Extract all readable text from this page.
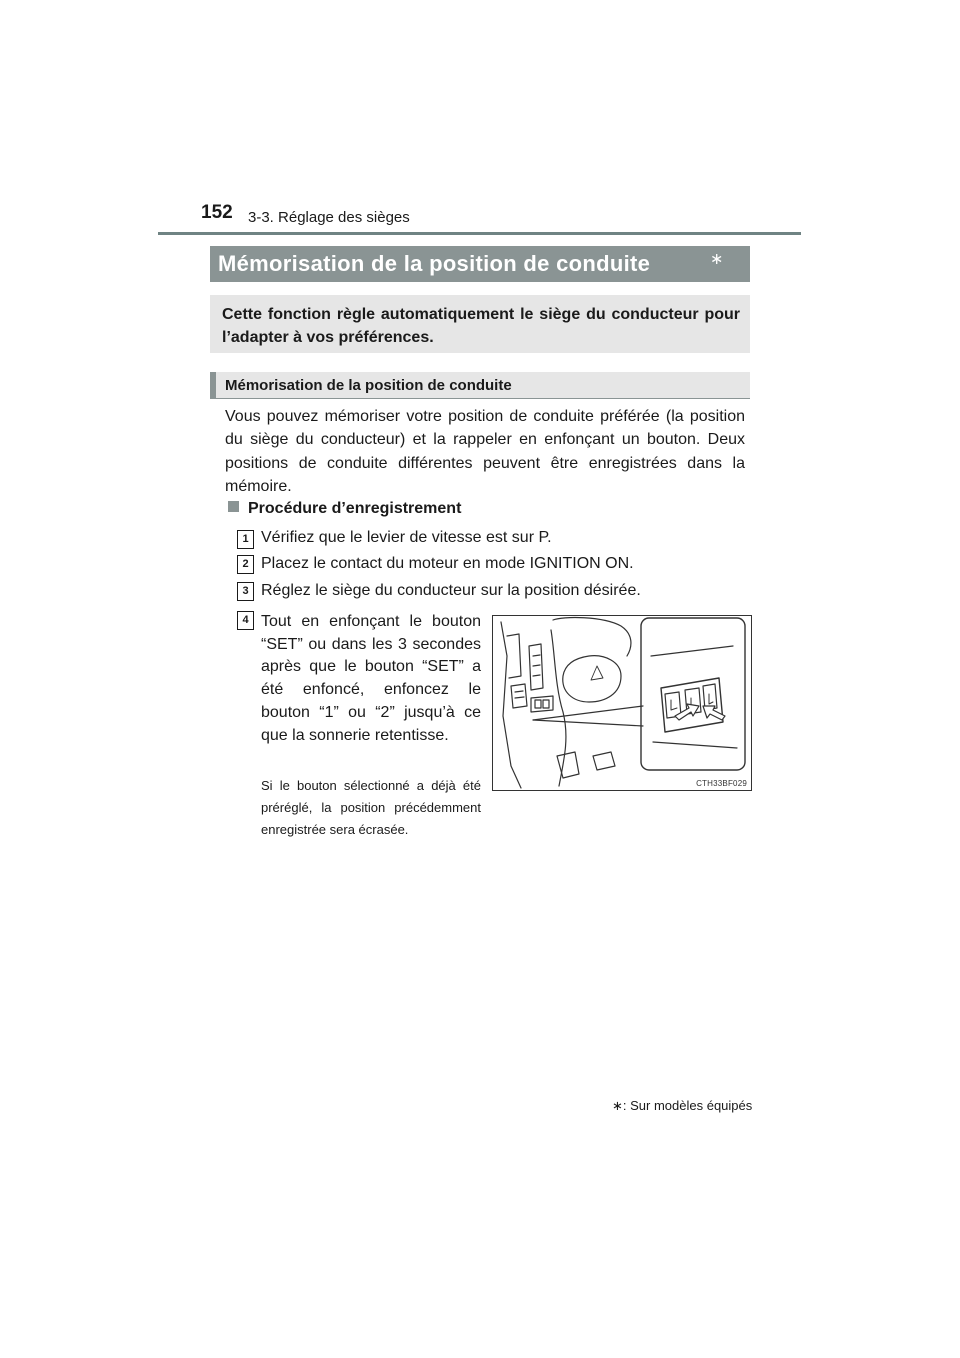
152 3-3. Réglage des sièges
Mémorisation de la position de conduite	∗

Cette fonction règle automatiquement le siège du conducteur pour l’adapter à vos préférences.

Mémorisation de la position de conduite

Vous pouvez mémoriser votre position de conduite préférée (la position du siège du conducteur) et la rappeler en enfonçant un bouton. Deux positions de conduite différentes peuvent être enregistrées dans la mémoire.

Procédure d’enregistrement
1 Vérifiez que le levier de vitesse est sur P.
2 Placez le contact du moteur en mode IGNITION ON.
3 Réglez le siège du conducteur sur la position désirée.
4 Tout en enfonçant le bouton “SET” ou dans les 3 secondes après que le bouton “SET” a été enfoncé, enfoncez le bouton “1” ou “2” jusqu’à ce que la sonnerie retentisse.

Si le bouton sélectionné a déjà été préréglé, la position précédemment enregistrée sera écrasée.

CTH33BF029
∗: Sur modèles équipés
